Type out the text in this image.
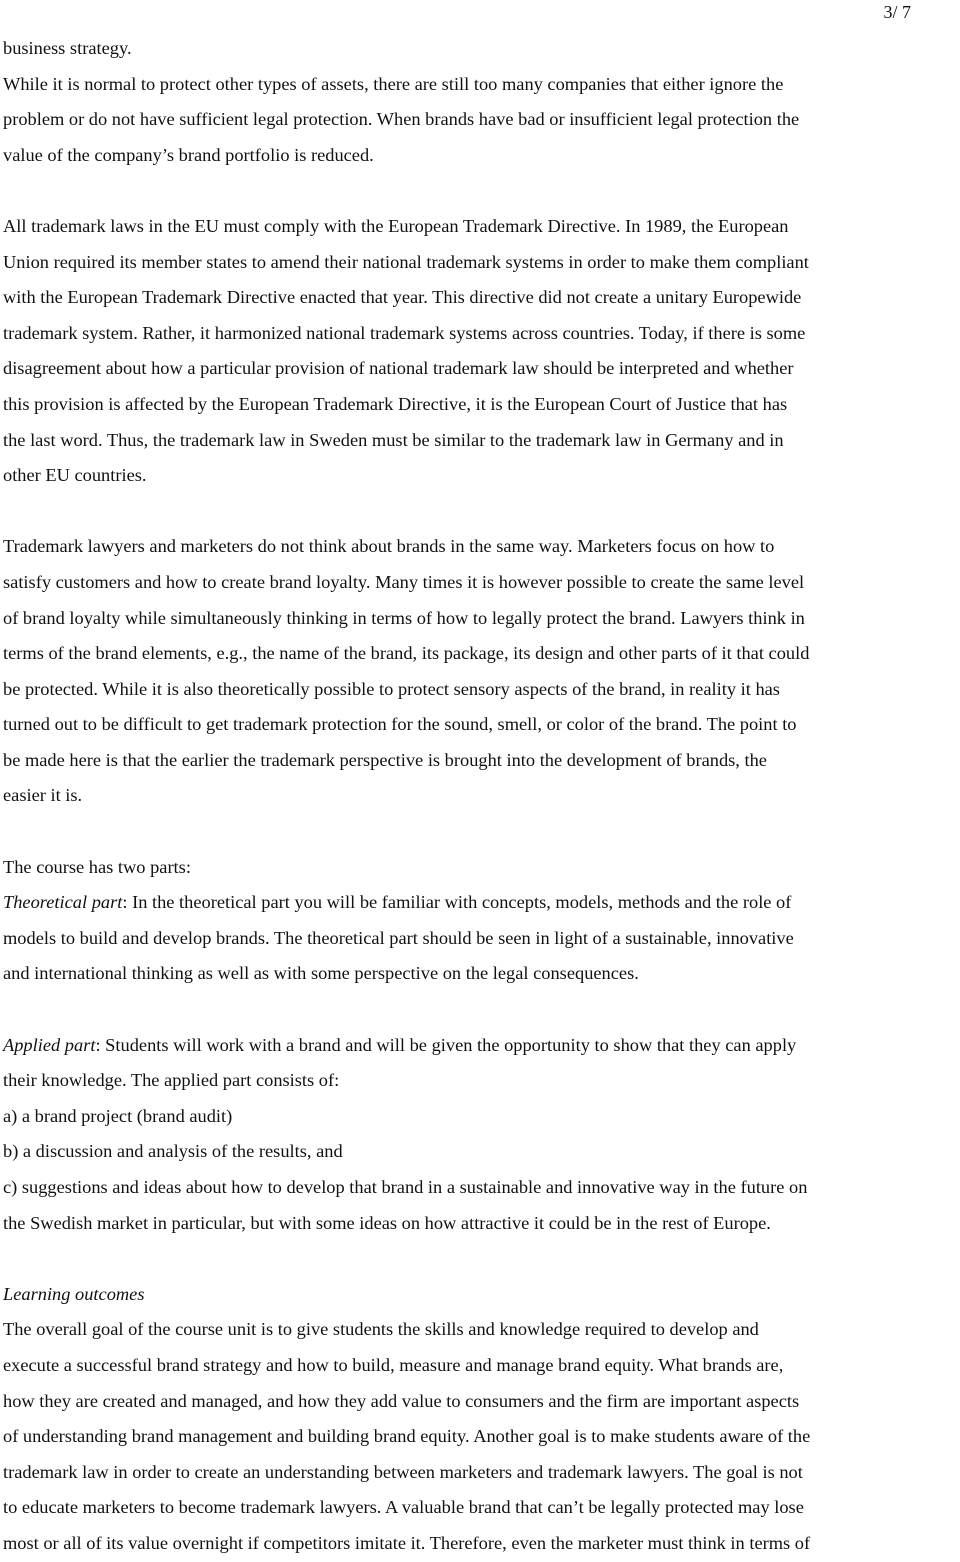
3/ 7
business strategy.
While it is normal to protect other types of assets, there are still too many companies that either ignore the
problem or do not have sufficient legal protection. When brands have bad or insufficient legal protection the
value of the company’s brand portfolio is reduced.
All trademark laws in the EU must comply with the European Trademark Directive. In 1989, the European
Union required its member states to amend their national trademark systems in order to make them compliant
with the European Trademark Directive enacted that year. This directive did not create a unitary Europewide
trademark system. Rather, it harmonized national trademark systems across countries. Today, if there is some
disagreement about how a particular provision of national trademark law should be interpreted and whether
this provision is affected by the European Trademark Directive, it is the European Court of Justice that has
the last word. Thus, the trademark law in Sweden must be similar to the trademark law in Germany and in
other EU countries.
Trademark lawyers and marketers do not think about brands in the same way. Marketers focus on how to
satisfy customers and how to create brand loyalty. Many times it is however possible to create the same level
of brand loyalty while simultaneously thinking in terms of how to legally protect the brand. Lawyers think in
terms of the brand elements, e.g., the name of the brand, its package, its design and other parts of it that could
be protected. While it is also theoretically possible to protect sensory aspects of the brand, in reality it has
turned out to be difficult to get trademark protection for the sound, smell, or color of the brand. The point to
be made here is that the earlier the trademark perspective is brought into the development of brands, the
easier it is.
The course has two parts:
Theoretical part: In the theoretical part you will be familiar with concepts, models, methods and the role of
models to build and develop brands. The theoretical part should be seen in light of a sustainable, innovative
and international thinking as well as with some perspective on the legal consequences.
Applied part: Students will work with a brand and will be given the opportunity to show that they can apply
their knowledge. The applied part consists of:
a) a brand project (brand audit)
b) a discussion and analysis of the results, and
c) suggestions and ideas about how to develop that brand in a sustainable and innovative way in the future on
the Swedish market in particular, but with some ideas on how attractive it could be in the rest of Europe.
Learning outcomes
The overall goal of the course unit is to give students the skills and knowledge required to develop and
execute a successful brand strategy and how to build, measure and manage brand equity. What brands are,
how they are created and managed, and how they add value to consumers and the firm are important aspects
of understanding brand management and building brand equity. Another goal is to make students aware of the
trademark law in order to create an understanding between marketers and trademark lawyers. The goal is not
to educate marketers to become trademark lawyers. A valuable brand that can’t be legally protected may lose
most or all of its value overnight if competitors imitate it. Therefore, even the marketer must think in terms of
